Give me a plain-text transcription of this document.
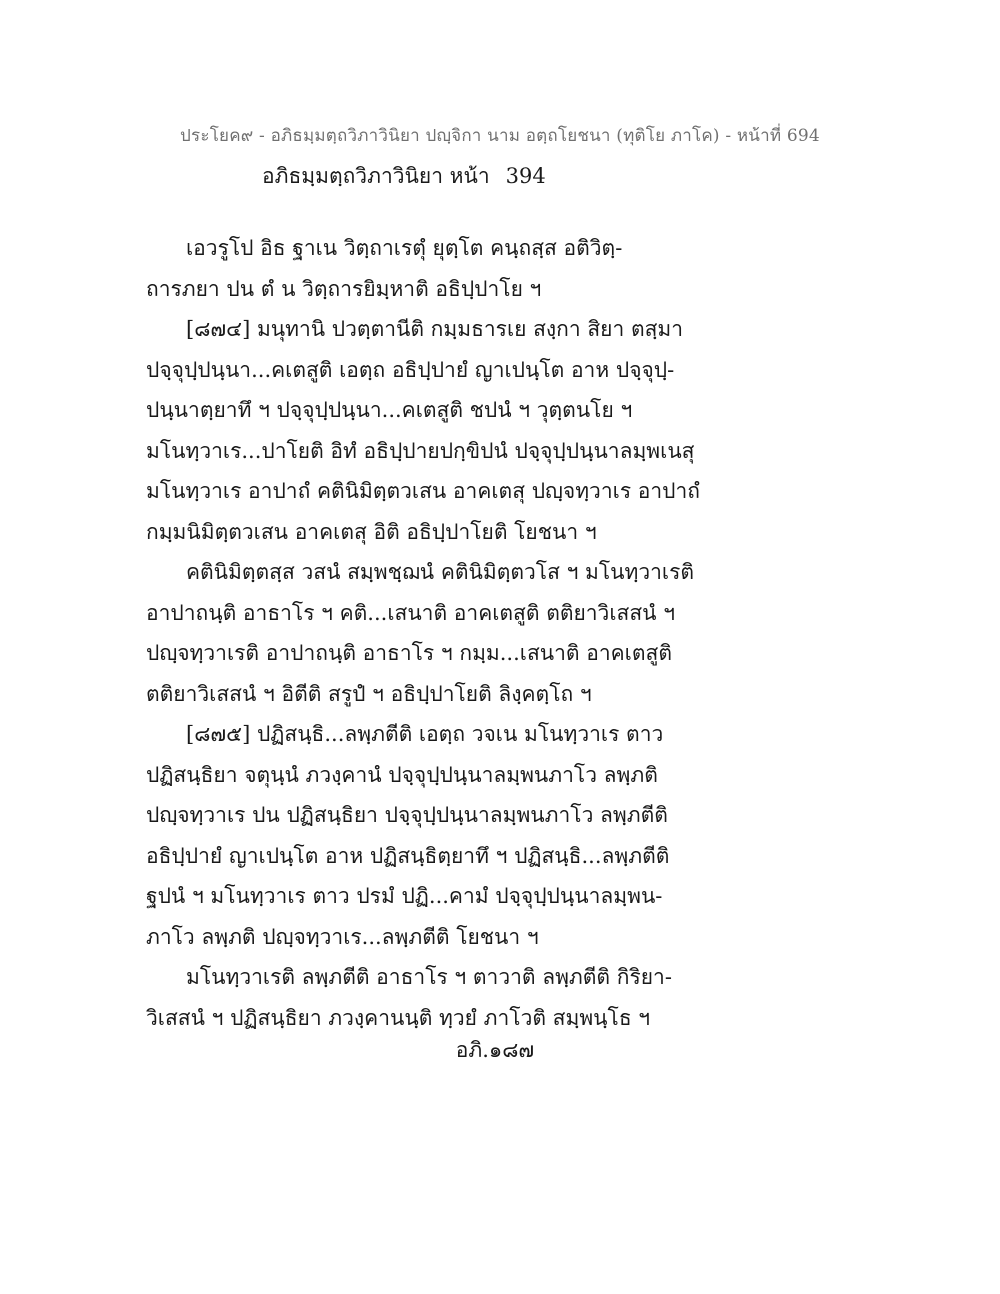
ประโยค๙ - อภิธมฺมตฺถวิภาวินิยา ปญฺจิกา นาม อตฺถโยชนา (ทุติโย ภาโค) - หน้าที่ 694
อภิธมฺมตฺถวิภาวินิยา หน้า 394
เอวรูโป อิธ ฐาเน วิตฺถาเรตุํ ยุตฺโต คนฺถสฺส อติวิตฺ-
ถารภยา ปน ตํ น วิตฺถารยิมฺหาติ อธิปฺปาโย ฯ
[๘๗๔] มนุทานิ ปวตฺตานีติ กมฺมธารเย สงฺกา สิยา ตสฺมา
ปจฺจุปฺปนฺนา...คเตสูติ เอตฺถ อธิปฺปายํ ญาเปนฺโต อาห ปจฺจุปฺ-
ปนฺนาตฺยาทึ ฯ ปจฺจุปฺปนฺนา...คเตสูติ ชปนํ ฯ วุตฺตนโย ฯ
มโนทฺวาเร...ปาโยติ อิทํ อธิปฺปายปกฺขิปนํ ปจฺจุปฺปนฺนาลมฺพเนสุ
มโนทฺวาเร อาปาถํ คตินิมิตฺตวเสน อาคเตสุ ปญฺจทฺวาเร อาปาถํ
กมฺมนิมิตฺตวเสน อาคเตสุ อิติ อธิปฺปาโยติ โยชนา ฯ
คตินิมิตฺตสฺส วสนํ สมฺพชฺฌนํ คตินิมิตฺตวโส ฯ มโนทฺวาเรติ
อาปาถนฺติ อาธาโร ฯ คติ...เสนาติ อาคเตสูติ ตติยาวิเสสนํ ฯ
ปญฺจทฺวาเรติ อาปาถนฺติ อาธาโร ฯ กมฺม...เสนาติ อาคเตสูติ
ตติยาวิเสสนํ ฯ อิตีติ สรูปํ ฯ อธิปฺปาโยติ ลิงฺคตฺโถ ฯ
[๘๗๕] ปฏิสนฺธิ...ลพฺภตีติ เอตฺถ วจเน มโนทฺวาเร ตาว
ปฏิสนฺธิยา จตุนฺนํ ภวงฺคานํ ปจฺจุปฺปนฺนาลมฺพนภาโว ลพฺภติ
ปญฺจทฺวาเร ปน ปฏิสนฺธิยา ปจฺจุปฺปนฺนาลมฺพนภาโว ลพฺภตีติ
อธิปฺปายํ ญาเปนฺโต อาห ปฏิสนฺธิตฺยาทึ ฯ ปฏิสนฺธิ...ลพฺภตีติ
ฐปนํ ฯ มโนทฺวาเร ตาว ปรมํ ปฏิ...คามํ ปจฺจุปฺปนฺนาลมฺพน-
ภาโว ลพฺภติ ปญฺจทฺวาเร...ลพฺภตีติ โยชนา ฯ
มโนทฺวาเรติ ลพฺภตีติ อาธาโร ฯ ตาวาติ ลพฺภตีติ กิริยา-
วิเสสนํ ฯ ปฏิสนฺธิยา ภวงฺคานนฺติ ทฺวยํ ภาโวติ สมฺพนฺโธ ฯ
อภิ.๑๘๗
